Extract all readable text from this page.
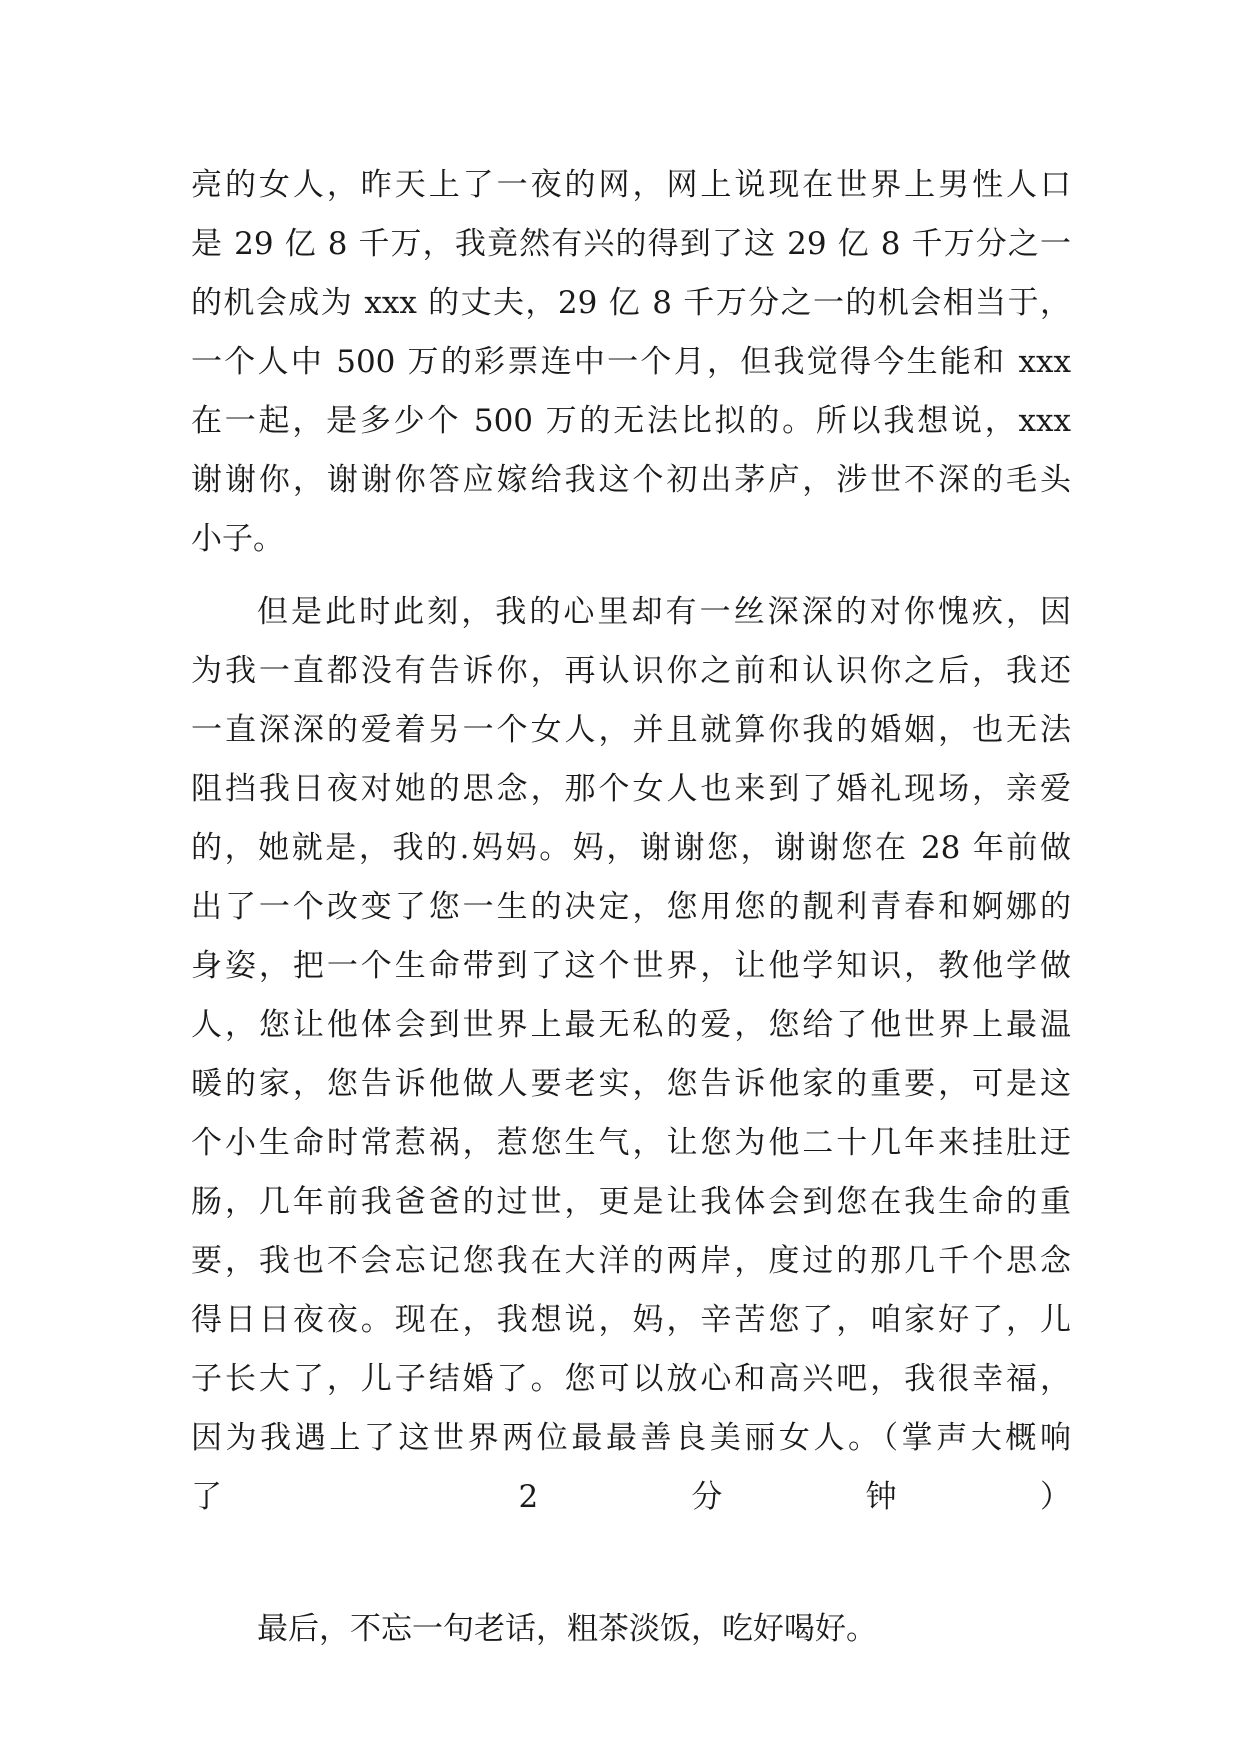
亮的女人，昨天上了一夜的网，网上说现在世界上男性人口
是 29 亿 8 千万，我竟然有兴的得到了这 29 亿 8 千万分之一
的机会成为 xxx 的丈夫，29 亿 8 千万分之一的机会相当于，
一个人中 500 万的彩票连中一个月，但我觉得今生能和 xxx
在一起，是多少个 500 万的无法比拟的。所以我想说，xxx
谢谢你，谢谢你答应嫁给我这个初出茅庐，涉世不深的毛头
小子。
但是此时此刻，我的心里却有一丝深深的对你愧疚，因
为我一直都没有告诉你，再认识你之前和认识你之后，我还
一直深深的爱着另一个女人，并且就算你我的婚姻，也无法
阻挡我日夜对她的思念，那个女人也来到了婚礼现场，亲爱
的，她就是，我的.妈妈。妈，谢谢您，谢谢您在 28 年前做
出了一个改变了您一生的决定，您用您的靓利青春和婀娜的
身姿，把一个生命带到了这个世界，让他学知识，教他学做
人，您让他体会到世界上最无私的爱，您给了他世界上最温
暖的家，您告诉他做人要老实，您告诉他家的重要，可是这
个小生命时常惹祸，惹您生气，让您为他二十几年来挂肚迂
肠，几年前我爸爸的过世，更是让我体会到您在我生命的重
要，我也不会忘记您我在大洋的两岸，度过的那几千个思念
得日日夜夜。现在，我想说，妈，辛苦您了，咱家好了，儿
子长大了，儿子结婚了。您可以放心和高兴吧，我很幸福，
因为我遇上了这世界两位最最善良美丽女人。（掌声大概响
了 2 分钟）
最后，不忘一句老话，粗茶淡饭，吃好喝好。
